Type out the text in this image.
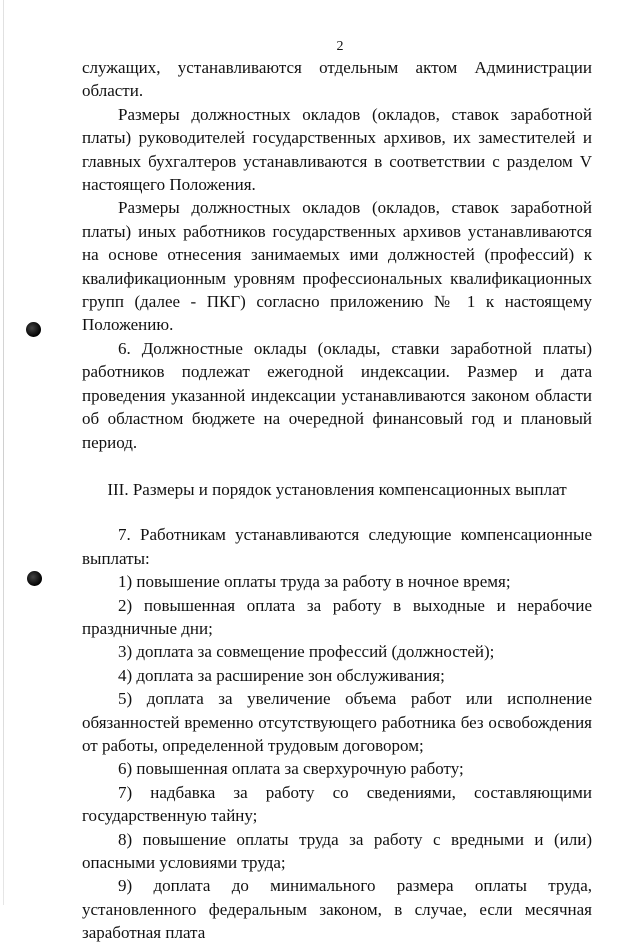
2

служащих, устанавливаются отдельным актом Администрации области.

Размеры должностных окладов (окладов, ставок заработной платы) руководителей государственных архивов, их заместителей и главных бухгалтеров устанавливаются в соответствии с разделом V настоящего Положения.

Размеры должностных окладов (окладов, ставок заработной платы) иных работников государственных архивов устанавливаются на основе отнесения занимаемых ими должностей (профессий) к квалификационным уровням профессиональных квалификационных групп (далее - ПКГ) согласно приложению № 1 к настоящему Положению.

6. Должностные оклады (оклады, ставки заработной платы) работников подлежат ежегодной индексации. Размер и дата проведения указанной индексации устанавливаются законом области об областном бюджете на очередной финансовый год и плановый период.

III. Размеры и порядок установления компенсационных выплат

7. Работникам устанавливаются следующие компенсационные выплаты:

1) повышение оплаты труда за работу в ночное время;

2) повышенная оплата за работу в выходные и нерабочие праздничные дни;

3) доплата за совмещение профессий (должностей);

4) доплата за расширение зон обслуживания;

5) доплата за увеличение объема работ или исполнение обязанностей временно отсутствующего работника без освобождения от работы, определенной трудовым договором;

6) повышенная оплата за сверхурочную работу;

7) надбавка за работу со сведениями, составляющими государственную тайну;

8) повышение оплаты труда за работу с вредными и (или) опасными условиями труда;

9) доплата до минимального размера оплаты труда, установленного федеральным законом, в случае, если месячная заработная плата
